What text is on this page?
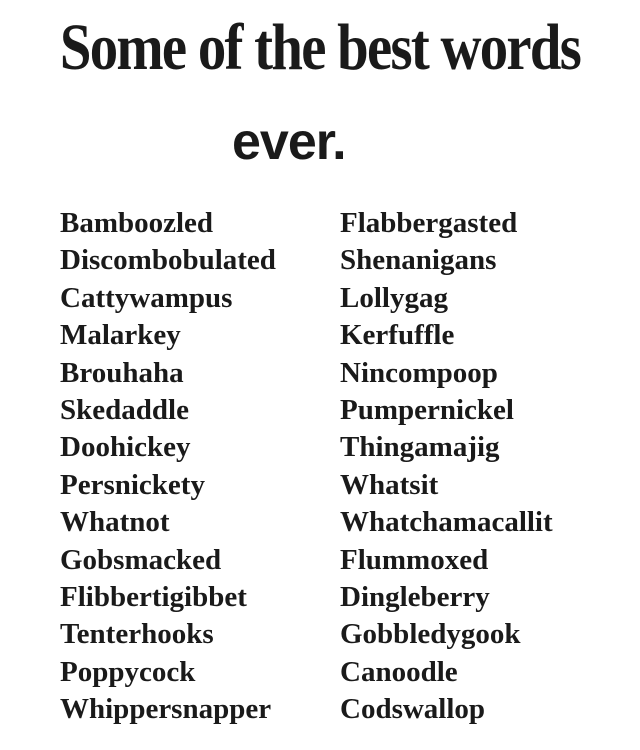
Some of the best words
ever.
Bamboozled
Discombobulated
Cattywampus
Malarkey
Brouhaha
Skedaddle
Doohickey
Persnickety
Whatnot
Gobsmacked
Flibbertigibbet
Tenterhooks
Poppycock
Whippersnapper
Flabbergasted
Shenanigans
Lollygag
Kerfuffle
Nincompoop
Pumpernickel
Thingamajig
Whatsit
Whatchamacallit
Flummoxed
Dingleberry
Gobbledygook
Canoodle
Codswallop
